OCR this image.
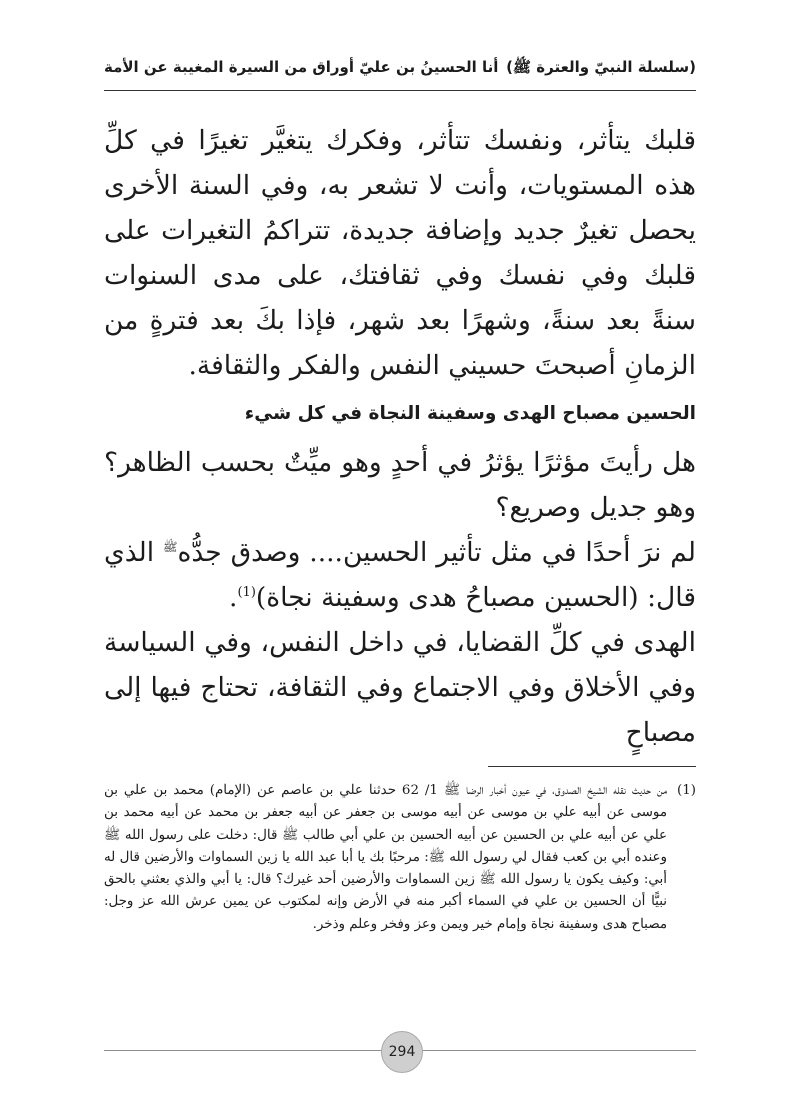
(سلسلة النبيّ والعترة ﷺ)
أنا الحسينُ بن عليّ أوراق من السيرة المغيبة عن الأمة

قلبك يتأثر، ونفسك تتأثر، وفكرك يتغيَّر تغيرًا في كلِّ هذه المستويات، وأنت لا تشعر به، وفي السنة الأخرى يحصل تغيرٌ جديد وإضافة جديدة، تتراكمُ التغيرات على قلبك وفي نفسك وفي ثقافتك، على مدى السنوات سنةً بعد سنةً، وشهرًا بعد شهر، فإذا بكَ بعد فترةٍ من الزمانِ أصبحتَ حسيني النفس والفكر والثقافة.

الحسين مصباح الهدى وسفينة النجاة في كل شيء

هل رأيتَ مؤثرًا يؤثرُ في أحدٍ وهو ميِّتٌ بحسب الظاهر؟ وهو جديل وصريع؟

لم نرَ أحدًا في مثل تأثير الحسين.... وصدق جدُّه$^ﷺ$ الذي قال: (الحسين مصباحُ هدى وسفينة نجاة)$^{(1)}$.

الهدى في كلِّ القضايا، في داخل النفس، وفي السياسة وفي الأخلاق وفي الاجتماع وفي الثقافة، تحتاج فيها إلى مصباحٍ

(1)
من حديث نقله الشيخ الصدوق، في عيون أخبار الرضا ﷺ 1/ 62 حدثنا علي بن عاصم عن (الإمام) محمد بن علي بن موسى عن أبيه علي بن موسى عن أبيه موسى بن جعفر عن أبيه جعفر بن محمد عن أبيه محمد بن علي عن أبيه علي بن الحسين عن أبيه الحسين بن علي أبي طالب ﷺ قال: دخلت على رسول الله ﷺ وعنده أبي بن كعب فقال لي رسول الله ﷺ: مرحبًا بك يا أبا عبد الله يا زين السماوات والأرضين قال له أبي: وكيف يكون يا رسول الله ﷺ زين السماوات والأرضين أحد غيرك؟ قال: يا أبي والذي بعثني بالحق نبيًّا أن الحسين بن علي في السماء أكبر منه في الأرض وإنه لمكتوب عن يمين عرش الله عز وجل: مصباح هدى وسفينة نجاة وإمام خير ويمن وعز وفخر وعلم وذخر.
294
